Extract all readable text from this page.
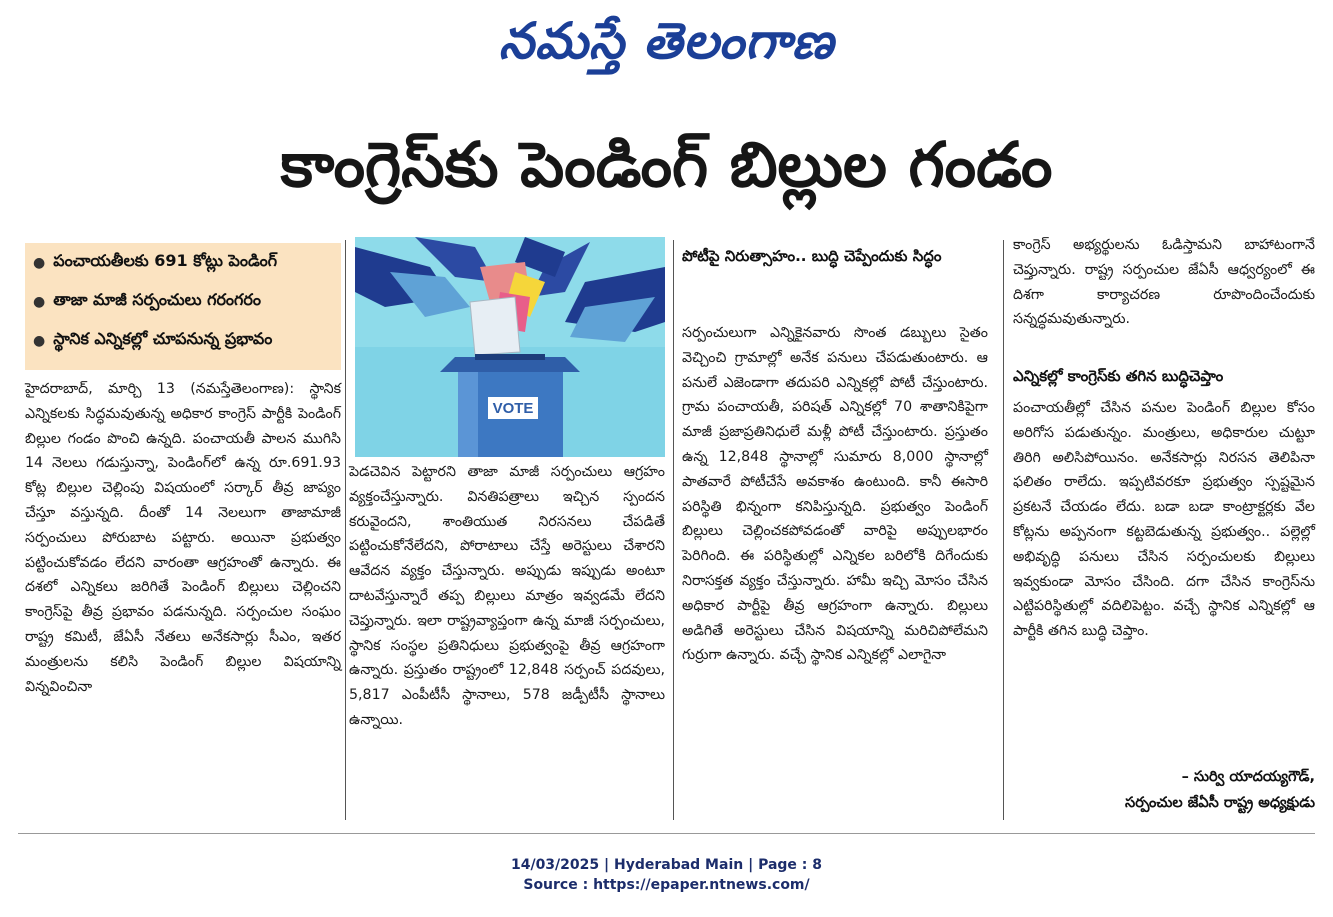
నమస్తే తెలంగాణ
కాంగ్రెస్‌కు పెండింగ్ బిల్లుల గండం
● పంచాయతీలకు 691 కోట్లు పెండింగ్
● తాజా మాజీ సర్పంచులు గరంగరం
● స్థానిక ఎన్నికల్లో చూపనున్న ప్రభావం
VOTE

హైదరాబాద్, మార్చి 13 (నమస్తేతెలంగాణ): స్థానిక ఎన్నికలకు సిద్ధమవుతున్న అధికార కాంగ్రెస్ పార్టీకి పెండింగ్ బిల్లుల గండం పొంచి ఉన్నది. పంచాయతీ పాలన ముగిసి 14 నెలలు గడుస్తున్నా, పెండింగ్‌లో ఉన్న రూ.691.93 కోట్ల బిల్లుల చెల్లింపు విషయంలో సర్కార్ తీవ్ర జాప్యం చేస్తూ వస్తున్నది. దీంతో 14 నెలలుగా తాజామాజీ సర్పంచులు పోరుబాట పట్టారు. అయినా ప్రభుత్వం పట్టించుకోవడం లేదని వారంతా ఆగ్రహంతో ఉన్నారు. ఈ దశలో ఎన్నికలు జరిగితే పెండింగ్ బిల్లులు చెల్లించని కాంగ్రెస్‌పై తీవ్ర ప్రభావం పడనున్నది. సర్పంచుల సంఘం రాష్ట్ర కమిటీ, జేఏసీ నేతలు అనేకసార్లు సీఎం, ఇతర మంత్రులను కలిసి పెండింగ్ బిల్లుల విషయాన్ని విన్నవించినా

పెడచెవిన పెట్టారని తాజా మాజీ సర్పంచులు ఆగ్రహం వ్యక్తంచేస్తున్నారు. వినతిపత్రాలు ఇచ్చిన స్పందన కరువైందని, శాంతియుత నిరసనలు చేపడితే పట్టించుకోనేలేదని, పోరాటాలు చేస్తే అరెస్టులు చేశారని ఆవేదన వ్యక్తం చేస్తున్నారు. అప్పుడు ఇప్పుడు అంటూ దాటవేస్తున్నారే తప్ప బిల్లులు మాత్రం ఇవ్వడమే లేదని చెప్తున్నారు. ఇలా రాష్ట్రవ్యాప్తంగా ఉన్న మాజీ సర్పంచులు, స్థానిక సంస్థల ప్రతినిధులు ప్రభుత్వంపై తీవ్ర ఆగ్రహంగా ఉన్నారు. ప్రస్తుతం రాష్ట్రంలో 12,848 సర్పంచ్ పదవులు, 5,817 ఎంపీటీసీ స్థానాలు, 578 జడ్పీటీసీ స్థానాలు ఉన్నాయి.

పోటీపై నిరుత్సాహం.. బుద్ధి చెప్పేందుకు సిద్ధం

సర్పంచులుగా ఎన్నికైనవారు సొంత డబ్బులు సైతం వెచ్చించి గ్రామాల్లో అనేక పనులు చేపడుతుంటారు. ఆ పనులే ఎజెండాగా తదుపరి ఎన్నికల్లో పోటీ చేస్తుంటారు. గ్రామ పంచాయతీ, పరిషత్ ఎన్నికల్లో 70 శాతానికిపైగా మాజీ ప్రజాప్రతినిధులే మళ్లీ పోటీ చేస్తుంటారు. ప్రస్తుతం ఉన్న 12,848 స్థానాల్లో సుమారు 8,000 స్థానాల్లో పాతవారే పోటీచేసే అవకాశం ఉంటుంది. కానీ ఈసారి పరిస్థితి భిన్నంగా కనిపిస్తున్నది. ప్రభుత్వం పెండింగ్ బిల్లులు చెల్లించకపోవడంతో వారిపై అప్పులభారం పెరిగింది. ఈ పరిస్థితుల్లో ఎన్నికల బరిలోకి దిగేందుకు నిరాసక్తత వ్యక్తం చేస్తున్నారు. హామీ ఇచ్చి మోసం చేసిన అధికార పార్టీపై తీవ్ర ఆగ్రహంగా ఉన్నారు. బిల్లులు అడిగితే అరెస్టులు చేసిన విషయాన్ని మరిచిపోలేమని గుర్రుగా ఉన్నారు. వచ్చే స్థానిక ఎన్నికల్లో ఎలాగైనా

కాంగ్రెస్ అభ్యర్థులను ఓడిస్తామని బాహాటంగానే చెప్తున్నారు. రాష్ట్ర సర్పంచుల జేఏసీ ఆధ్వర్యంలో ఈ దిశగా కార్యాచరణ రూపొందించేందుకు సన్నద్ధమవుతున్నారు.
ఎన్నికల్లో కాంగ్రెస్‌కు తగిన బుద్ధిచెప్తాం

పంచాయతీల్లో చేసిన పనుల పెండింగ్ బిల్లుల కోసం అరిగోస పడుతున్నం. మంత్రులు, అధికారుల చుట్టూ తిరిగి అలిసిపోయినం. అనేకసార్లు నిరసన తెలిపినా ఫలితం రాలేదు. ఇప్పటివరకూ ప్రభుత్వం స్పష్టమైన ప్రకటనే చేయడం లేదు. బడా బడా కాంట్రాక్టర్లకు వేల కోట్లను అప్పనంగా కట్టబెడుతున్న ప్రభుత్వం.. పల్లెల్లో అభివృద్ధి పనులు చేసిన సర్పంచులకు బిల్లులు ఇవ్వకుండా మోసం చేసింది. దగా చేసిన కాంగ్రెస్‌ను ఎట్టిపరిస్థితుల్లో వదిలిపెట్టం. వచ్చే స్థానిక ఎన్నికల్లో ఆ పార్టీకి తగిన బుద్ధి చెప్తాం.

– సుర్వి యాదయ్యగౌడ్,
సర్పంచుల జేఏసీ రాష్ట్ర అధ్యక్షుడు
14/03/2025 | Hyderabad Main | Page : 8
Source : https://epaper.ntnews.com/
